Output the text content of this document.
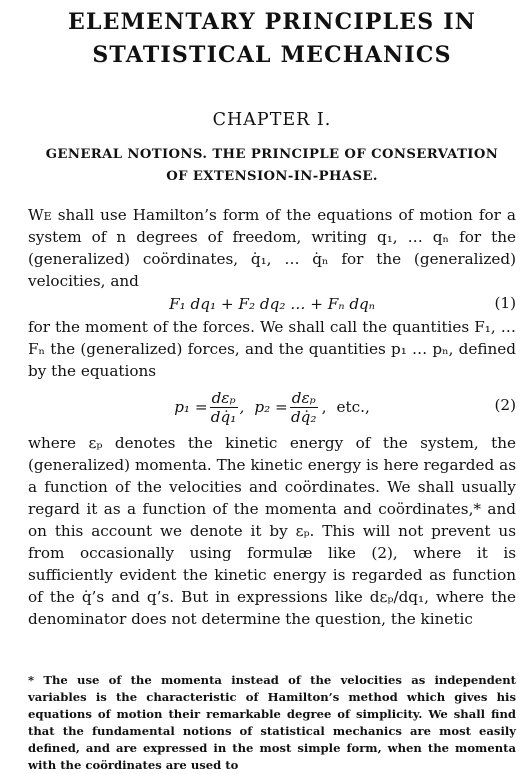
ELEMENTARY PRINCIPLES IN
STATISTICAL MECHANICS
CHAPTER I.
GENERAL NOTIONS. THE PRINCIPLE OF CONSERVATION
OF EXTENSION-IN-PHASE.

We shall use Hamilton’s form of the equations of motion for a system of n degrees of freedom, writing q₁, … qₙ for the (generalized) coördinates, q̇₁, … q̇ₙ for the (generalized) velocities, and

F₁ dq₁ + F₂ dq₂ … + Fₙ dqₙ	(1)

for the moment of the forces. We shall call the quantities F₁, … Fₙ the (generalized) forces, and the quantities p₁ … pₙ, defined by the equations

$p_1 = \frac{\text{dεₚ}}{\text{dq̇₁}}$ , $p_2 = \frac{\text{dεₚ}}{\text{dq̇₂}}$ , etc.,	(2)

where εₚ denotes the kinetic energy of the system, the (generalized) momenta. The kinetic energy is here regarded as a function of the velocities and coördinates. We shall usually regard it as a function of the momenta and coördinates,* and on this account we denote it by εₚ. This will not prevent us from occasionally using formulæ like (2), where it is sufficiently evident the kinetic energy is regarded as function of the q̇’s and q’s. But in expressions like dεₚ/dq₁, where the denominator does not determine the question, the kinetic

* The use of the momenta instead of the velocities as independent variables is the characteristic of Hamilton’s method which gives his equations of motion their remarkable degree of simplicity. We shall find that the fundamental notions of statistical mechanics are most easily defined, and are expressed in the most simple form, when the momenta with the coördinates are used to
